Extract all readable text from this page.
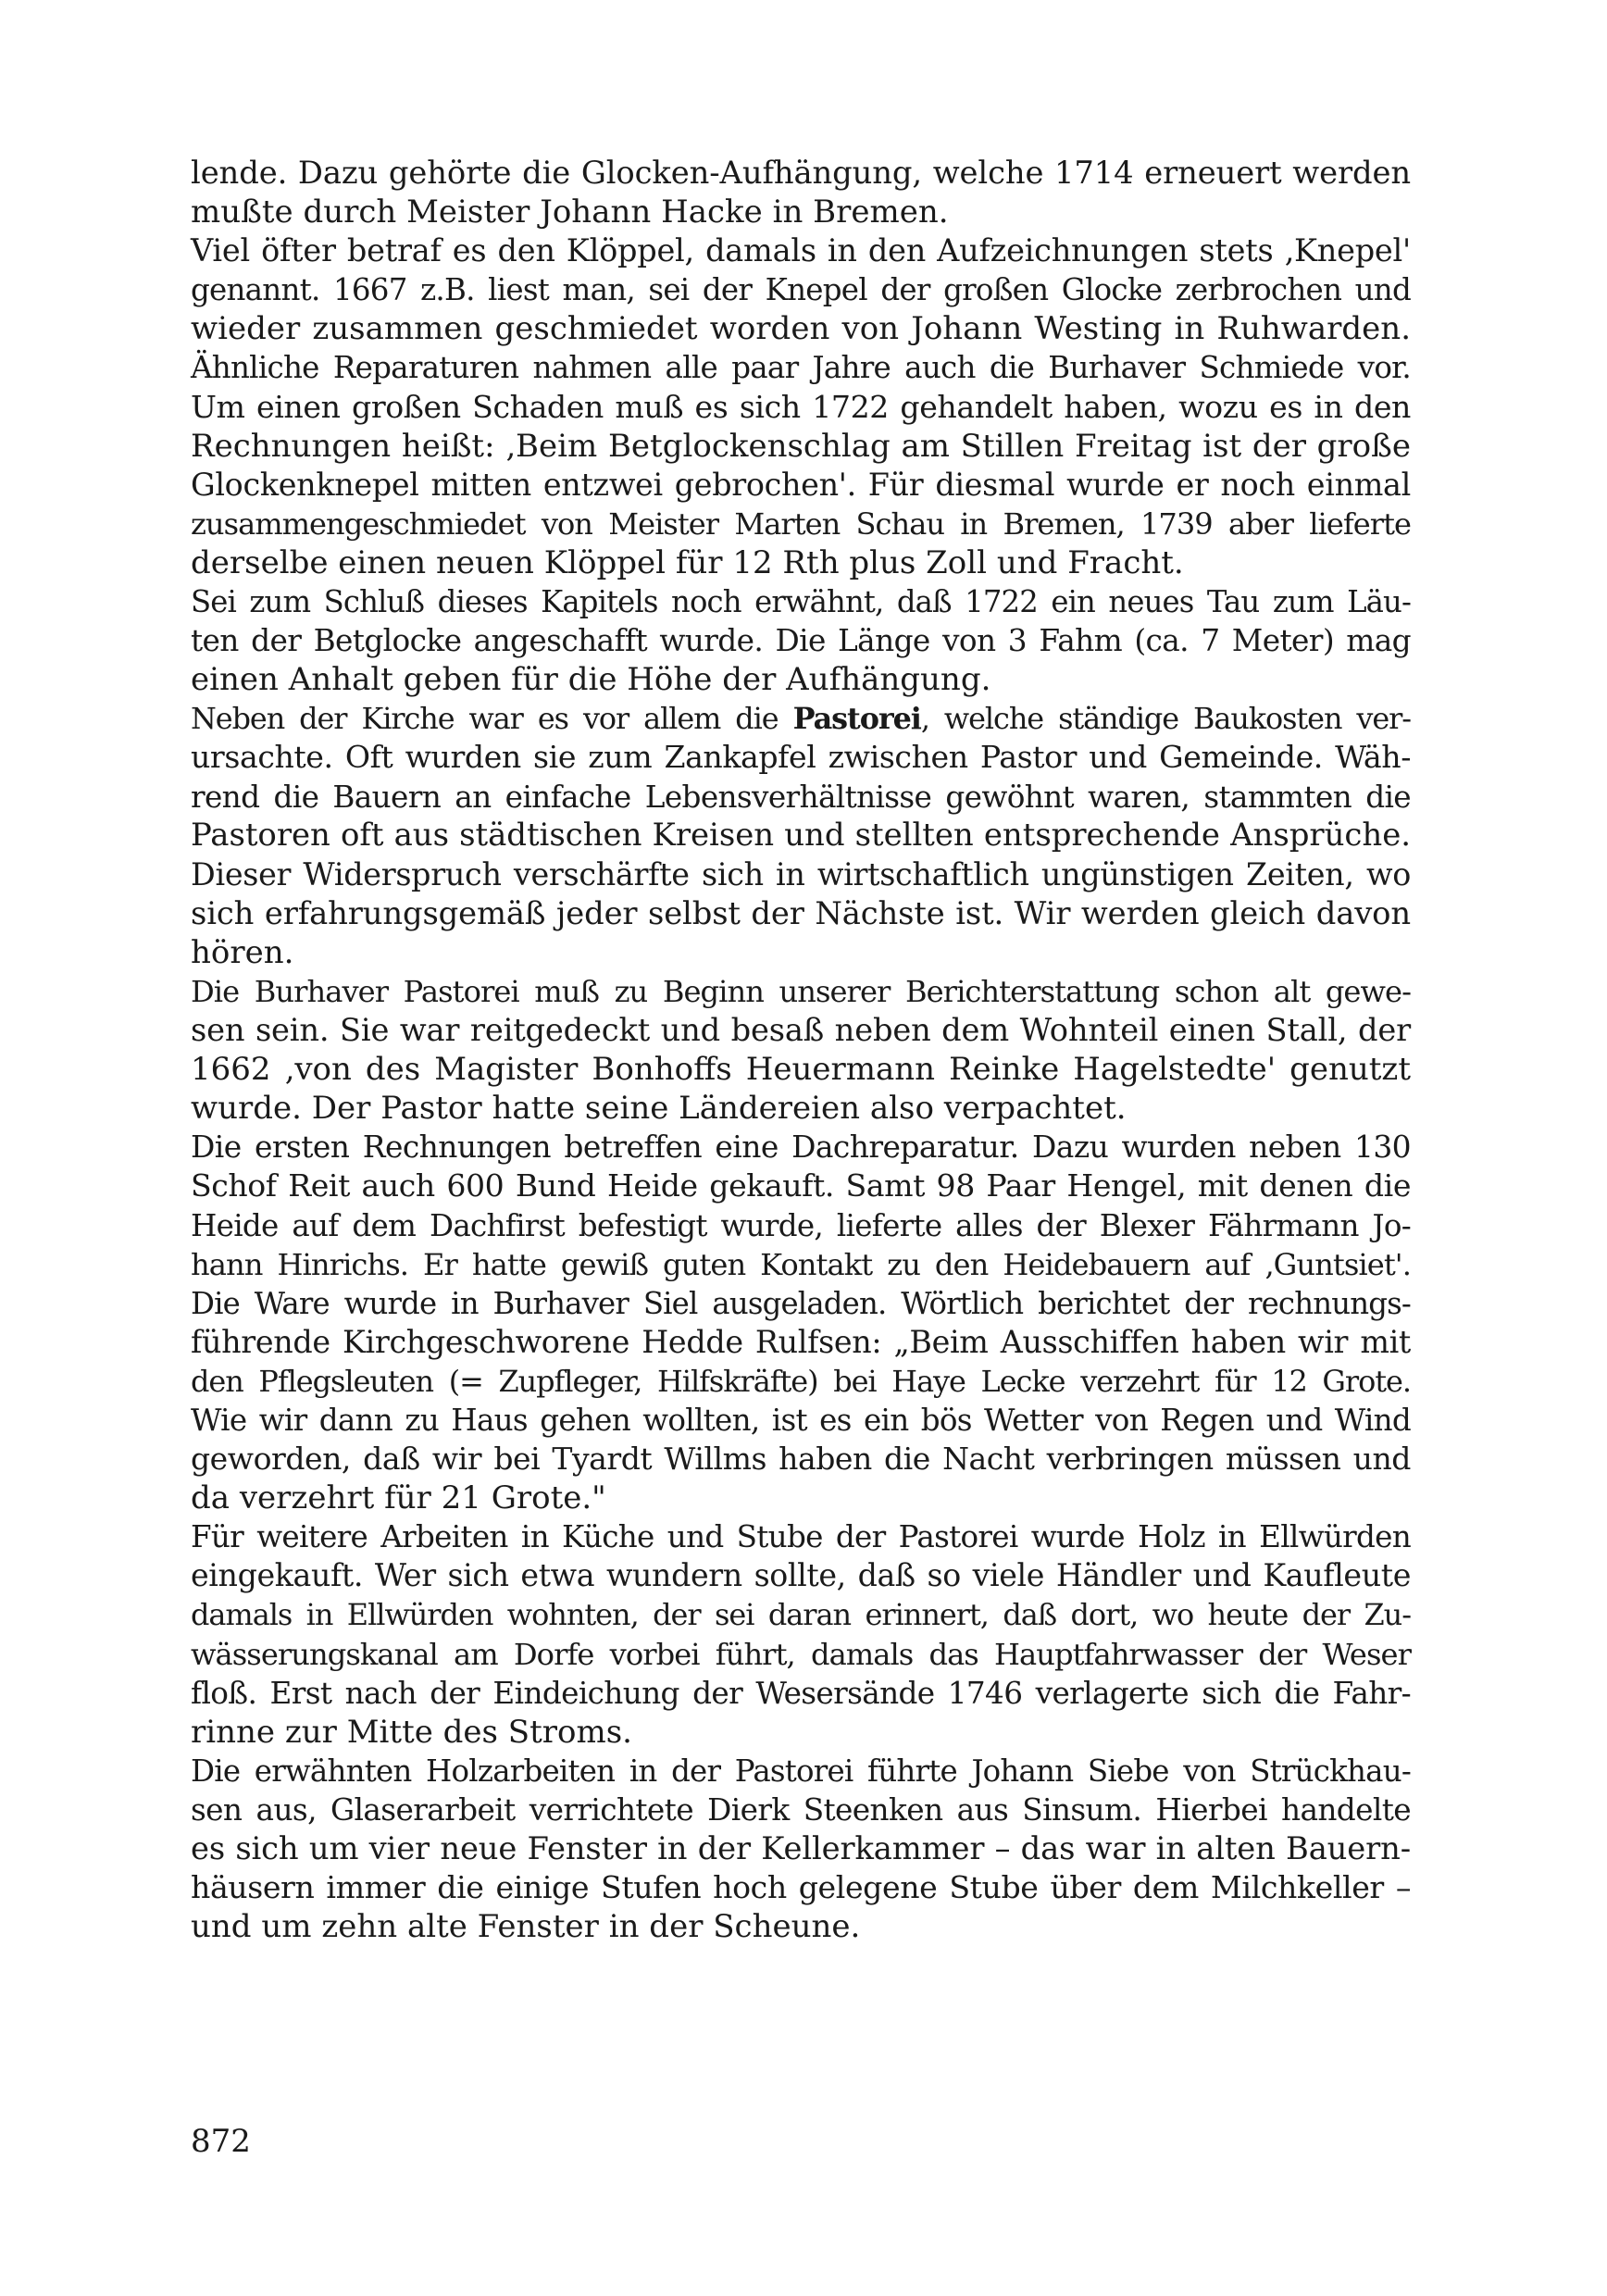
lende. Dazu gehörte die Glocken-Aufhängung, welche 1714 erneuert werden
mußte durch Meister Johann Hacke in Bremen.
Viel öfter betraf es den Klöppel, damals in den Aufzeichnungen stets ‚Knepel'
genannt. 1667 z.B. liest man, sei der Knepel der großen Glocke zerbrochen und
wieder zusammen geschmiedet worden von Johann Westing in Ruhwarden.
Ähnliche Reparaturen nahmen alle paar Jahre auch die Burhaver Schmiede vor.
Um einen großen Schaden muß es sich 1722 gehandelt haben, wozu es in den
Rechnungen heißt: ‚Beim Betglockenschlag am Stillen Freitag ist der große
Glockenknepel mitten entzwei gebrochen'. Für diesmal wurde er noch einmal
zusammengeschmiedet von Meister Marten Schau in Bremen, 1739 aber lieferte
derselbe einen neuen Klöppel für 12 Rth plus Zoll und Fracht.
Sei zum Schluß dieses Kapitels noch erwähnt, daß 1722 ein neues Tau zum Läu-
ten der Betglocke angeschafft wurde. Die Länge von 3 Fahm (ca. 7 Meter) mag
einen Anhalt geben für die Höhe der Aufhängung.
Neben der Kirche war es vor allem die Pastorei, welche ständige Baukosten ver-
ursachte. Oft wurden sie zum Zankapfel zwischen Pastor und Gemeinde. Wäh-
rend die Bauern an einfache Lebensverhältnisse gewöhnt waren, stammten die
Pastoren oft aus städtischen Kreisen und stellten entsprechende Ansprüche.
Dieser Widerspruch verschärfte sich in wirtschaftlich ungünstigen Zeiten, wo
sich erfahrungsgemäß jeder selbst der Nächste ist. Wir werden gleich davon
hören.
Die Burhaver Pastorei muß zu Beginn unserer Berichterstattung schon alt gewe-
sen sein. Sie war reitgedeckt und besaß neben dem Wohnteil einen Stall, der
1662 ‚von des Magister Bonhoffs Heuermann Reinke Hagelstedte' genutzt
wurde. Der Pastor hatte seine Ländereien also verpachtet.
Die ersten Rechnungen betreffen eine Dachreparatur. Dazu wurden neben 130
Schof Reit auch 600 Bund Heide gekauft. Samt 98 Paar Hengel, mit denen die
Heide auf dem Dachfirst befestigt wurde, lieferte alles der Blexer Fährmann Jo-
hann Hinrichs. Er hatte gewiß guten Kontakt zu den Heidebauern auf ‚Guntsiet'.
Die Ware wurde in Burhaver Siel ausgeladen. Wörtlich berichtet der rechnungs-
führende Kirchgeschworene Hedde Rulfsen: „Beim Ausschiffen haben wir mit
den Pflegsleuten (= Zupfleger, Hilfskräfte) bei Haye Lecke verzehrt für 12 Grote.
Wie wir dann zu Haus gehen wollten, ist es ein bös Wetter von Regen und Wind
geworden, daß wir bei Tyardt Willms haben die Nacht verbringen müssen und
da verzehrt für 21 Grote."
Für weitere Arbeiten in Küche und Stube der Pastorei wurde Holz in Ellwürden
eingekauft. Wer sich etwa wundern sollte, daß so viele Händler und Kaufleute
damals in Ellwürden wohnten, der sei daran erinnert, daß dort, wo heute der Zu-
wässerungskanal am Dorfe vorbei führt, damals das Hauptfahrwasser der Weser
floß. Erst nach der Eindeichung der Wesersände 1746 verlagerte sich die Fahr-
rinne zur Mitte des Stroms.
Die erwähnten Holzarbeiten in der Pastorei führte Johann Siebe von Strückhau-
sen aus, Glaserarbeit verrichtete Dierk Steenken aus Sinsum. Hierbei handelte
es sich um vier neue Fenster in der Kellerkammer – das war in alten Bauern-
häusern immer die einige Stufen hoch gelegene Stube über dem Milchkeller –
und um zehn alte Fenster in der Scheune.
872
